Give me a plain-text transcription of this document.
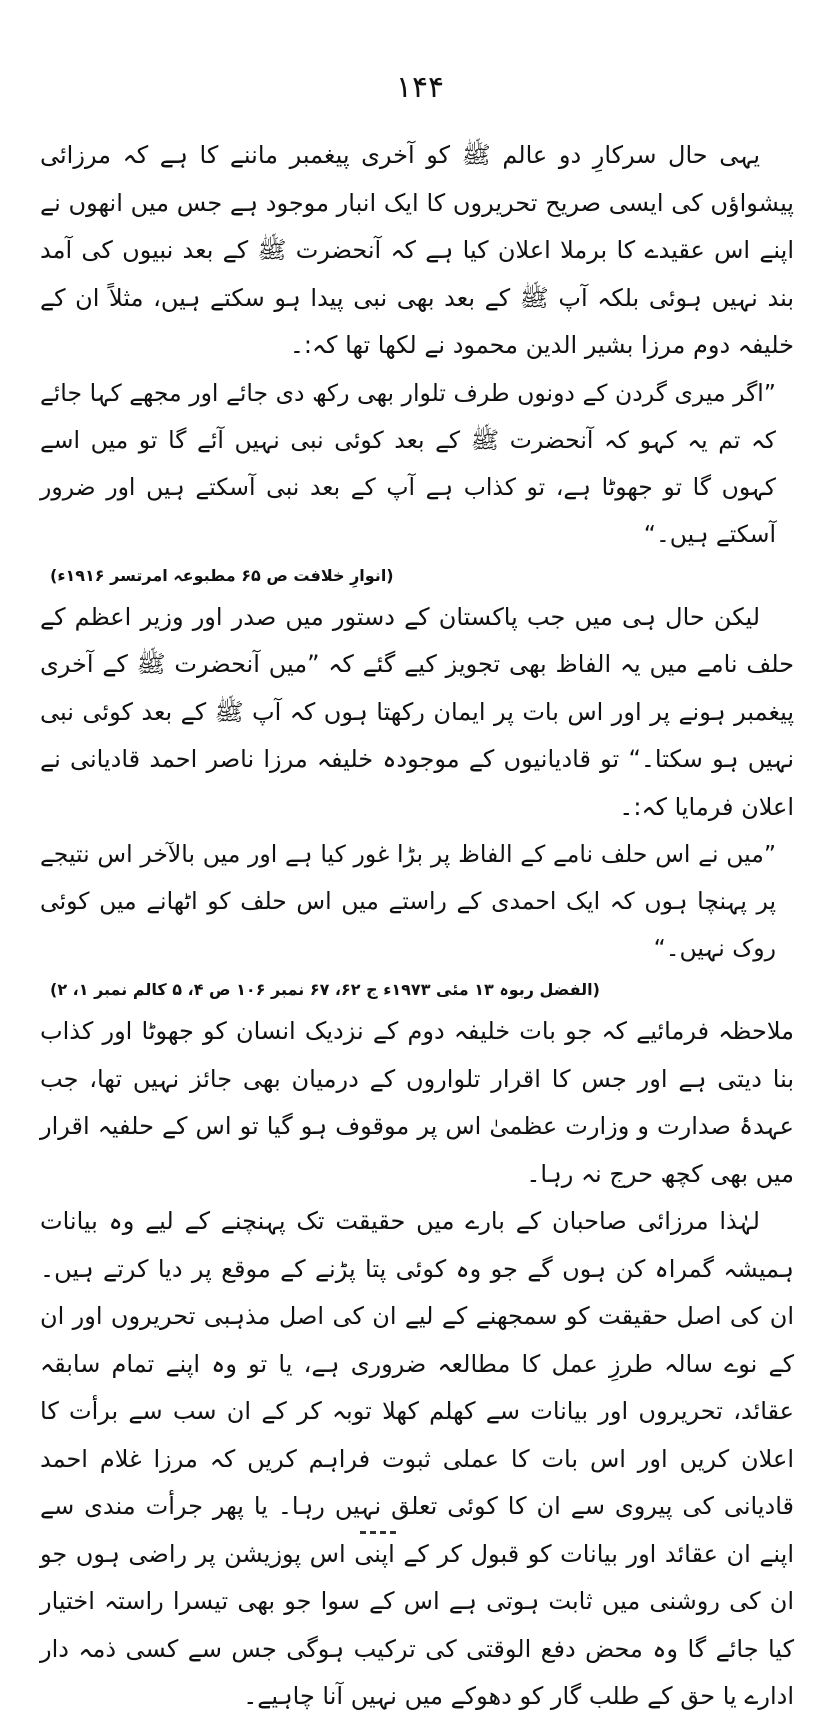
۱۴۴

یہی حال سرکارِ دو عالم ﷺ کو آخری پیغمبر ماننے کا ہے کہ مرزائی پیشواؤں کی ایسی صریح تحریروں کا ایک انبار موجود ہے جس میں انھوں نے اپنے اس عقیدے کا برملا اعلان کیا ہے کہ آنحضرت ﷺ کے بعد نبیوں کی آمد بند نہیں ہوئی بلکہ آپ ﷺ کے بعد بھی نبی پیدا ہو سکتے ہیں، مثلاً ان کے خلیفہ دوم مرزا بشیر الدین محمود نے لکھا تھا کہ:۔

”اگر میری گردن کے دونوں طرف تلوار بھی رکھ دی جائے اور مجھے کہا جائے کہ تم یہ کہو کہ آنحضرت ﷺ کے بعد کوئی نبی نہیں آئے گا تو میں اسے کہوں گا تو جھوٹا ہے، تو کذاب ہے آپ کے بعد نبی آسکتے ہیں اور ضرور آسکتے ہیں۔“

(انوارِ خلافت ص ۶۵ مطبوعہ امرتسر ۱۹۱۶ء)

لیکن حال ہی میں جب پاکستان کے دستور میں صدر اور وزیر اعظم کے حلف نامے میں یہ الفاظ بھی تجویز کیے گئے کہ ”میں آنحضرت ﷺ کے آخری پیغمبر ہونے پر اور اس بات پر ایمان رکھتا ہوں کہ آپ ﷺ کے بعد کوئی نبی نہیں ہو سکتا۔“ تو قادیانیوں کے موجودہ خلیفہ مرزا ناصر احمد قادیانی نے اعلان فرمایا کہ:۔

”میں نے اس حلف نامے کے الفاظ پر بڑا غور کیا ہے اور میں بالآخر اس نتیجے پر پہنچا ہوں کہ ایک احمدی کے راستے میں اس حلف کو اٹھانے میں کوئی روک نہیں۔“

(الفضل ربوہ ۱۳ مئی ۱۹۷۳ء ج ۶۲، ۶۷ نمبر ۱۰۶ ص ۴، ۵ کالم نمبر ۱، ۲)

ملاحظہ فرمائیے کہ جو بات خلیفہ دوم کے نزدیک انسان کو جھوٹا اور کذاب بنا دیتی ہے اور جس کا اقرار تلواروں کے درمیان بھی جائز نہیں تھا، جب عہدۂ صدارت و وزارت عظمیٰ اس پر موقوف ہو گیا تو اس کے حلفیہ اقرار میں بھی کچھ حرج نہ رہا۔

لہٰذا مرزائی صاحبان کے بارے میں حقیقت تک پہنچنے کے لیے وہ بیانات ہمیشہ گمراہ کن ہوں گے جو وہ کوئی پتا پڑنے کے موقع پر دیا کرتے ہیں۔ ان کی اصل حقیقت کو سمجھنے کے لیے ان کی اصل مذہبی تحریروں اور ان کے نوے سالہ طرزِ عمل کا مطالعہ ضروری ہے، یا تو وہ اپنے تمام سابقہ عقائد، تحریروں اور بیانات سے کھلم کھلا توبہ کر کے ان سب سے برأت کا اعلان کریں اور اس بات کا عملی ثبوت فراہم کریں کہ مرزا غلام احمد قادیانی کی پیروی سے ان کا کوئی تعلق نہیں رہا۔ یا پھر جرأت مندی سے اپنے ان عقائد اور بیانات کو قبول کر کے اپنی اس پوزیشن پر راضی ہوں جو ان کی روشنی میں ثابت ہوتی ہے اس کے سوا جو بھی تیسرا راستہ اختیار کیا جائے گا وہ محض دفع الوقتی کی ترکیب ہوگی جس سے کسی ذمہ دار ادارے یا حق کے طلب گار کو دھوکے میں نہیں آنا چاہیے۔
